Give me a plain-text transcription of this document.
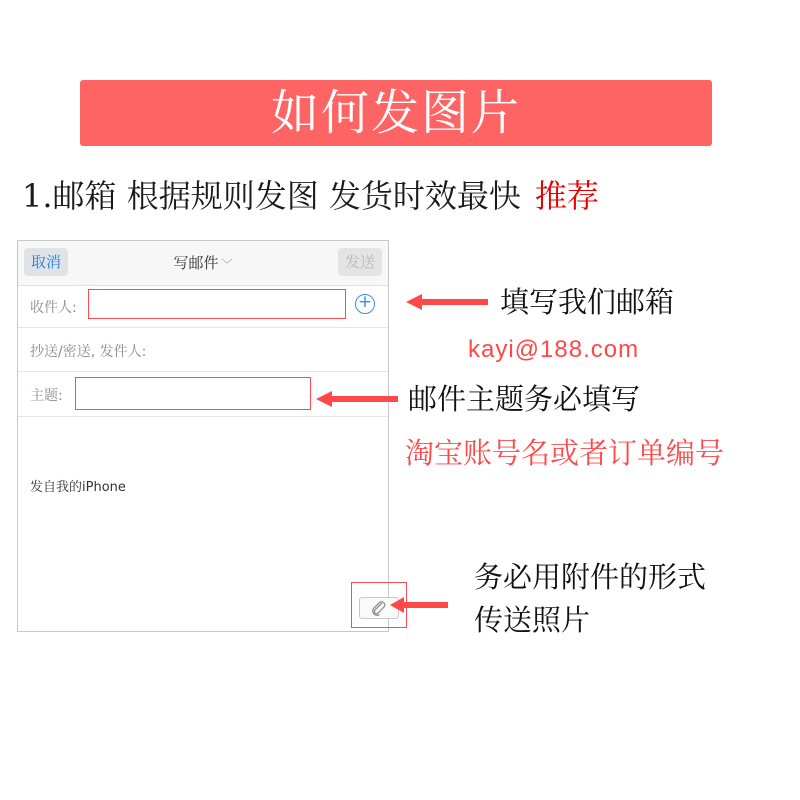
如何发图片
1.邮箱 根据规则发图 发货时效最快 推荐
取消	写邮件 ﹀	发送
收件人:	+
抄送/密送, 发件人:
主题:
发自我的iPhone
填写我们邮箱
kayi@188.com
邮件主题务必填写
淘宝账号名或者订单编号
务必用附件的形式
传送照片
